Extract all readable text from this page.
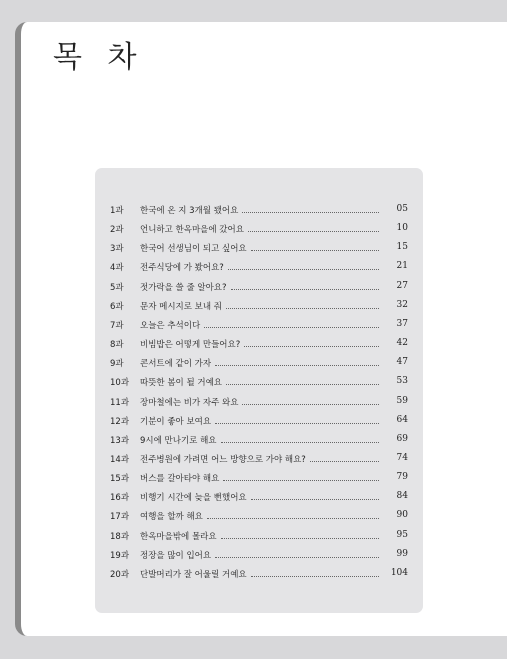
목 차
1과 한국에 온 지 3개월 됐어요	05
2과 언니하고 한옥마을에 갔어요	10
3과 한국어 선생님이 되고 싶어요	15
4과 전주식당에 가 봤어요?	21
5과 젓가락을 쓸 줄 알아요?	27
6과 문자 메시지로 보내 줘	32
7과 오늘은 추석이다	37
8과 비빔밥은 어떻게 만들어요?	42
9과 콘서트에 같이 가자	47
10과 따뜻한 봄이 될 거예요	53
11과 장마철에는 비가 자주 와요	59
12과 기분이 좋아 보여요	64
13과 9시에 만나기로 해요	69
14과 전주병원에 가려면 어느 방향으로 가야 해요?	74
15과 버스를 갈아타야 해요	79
16과 비행기 시간에 늦을 뻔했어요	84
17과 여행을 할까 해요	90
18과 한옥마을밖에 몰라요	95
19과 정장을 많이 입어요	99
20과 단발머리가 잘 어울릴 거예요	104
